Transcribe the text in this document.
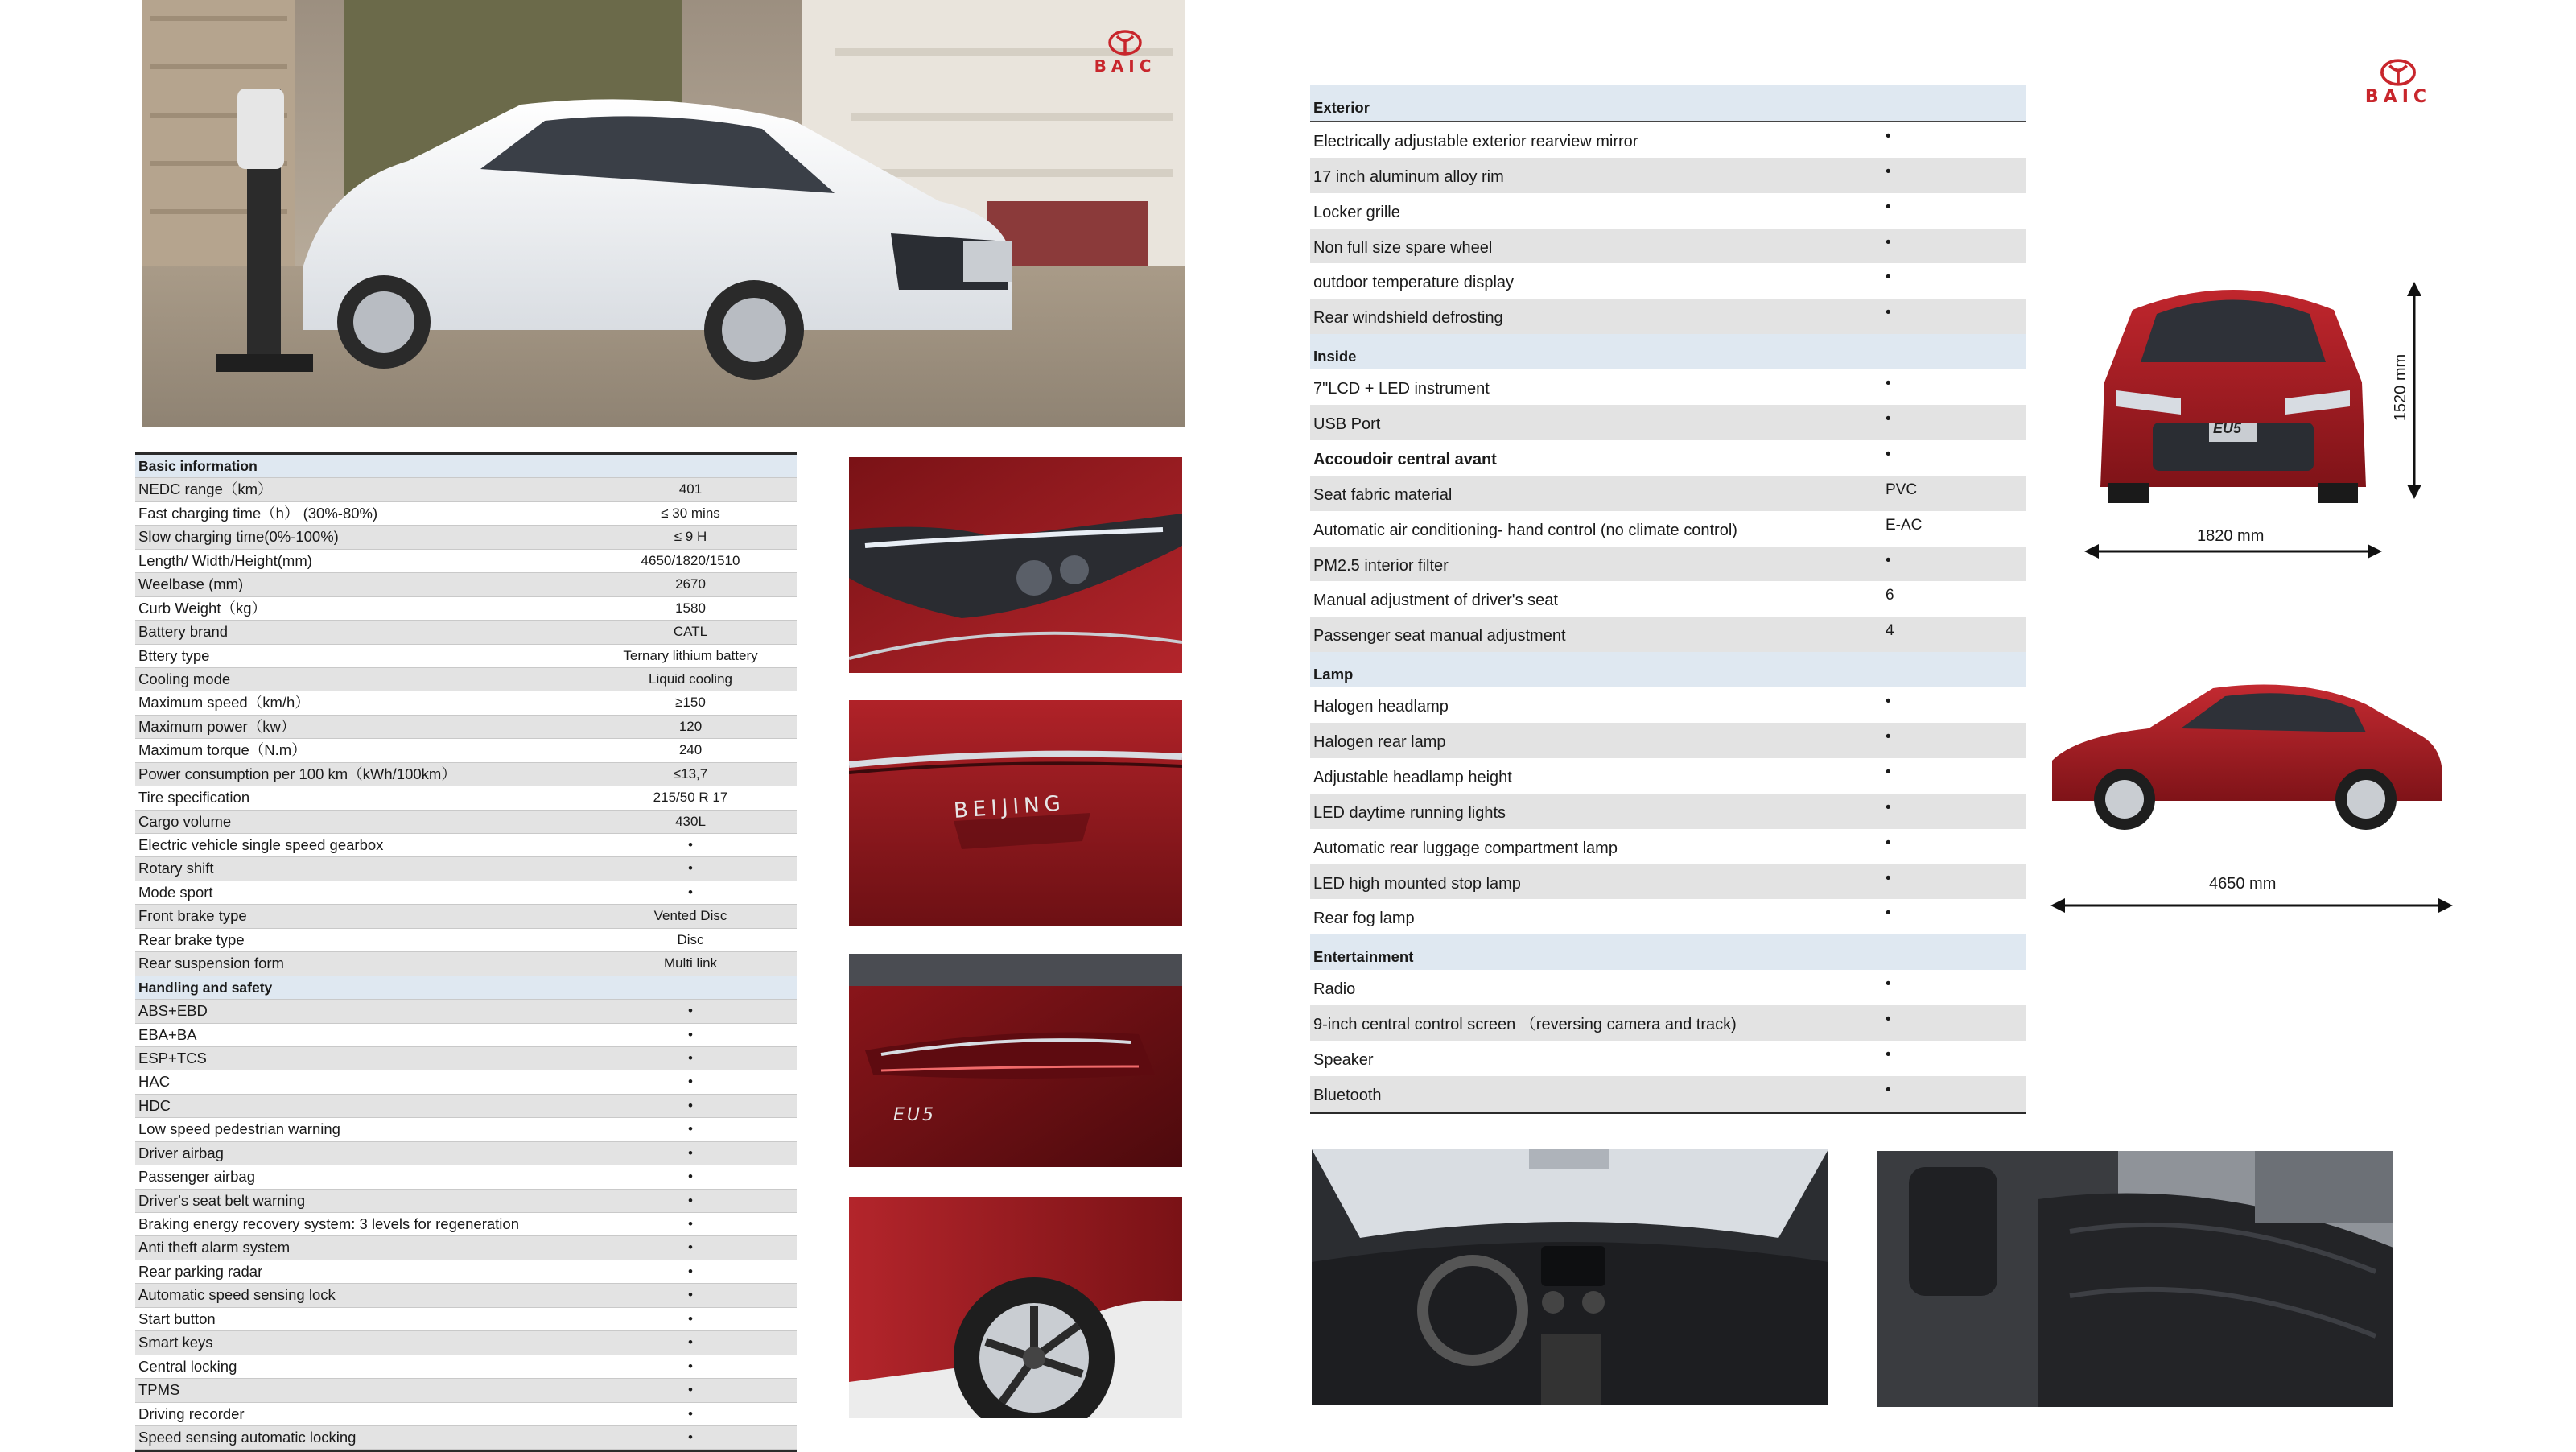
BAIC
Basic information
NEDC range（km）	401
Fast charging time（h） (30%-80%)	≤ 30 mins
Slow charging time(0%-100%)	≤ 9 H
Length/ Width/Height(mm)	4650/1820/1510
Weelbase (mm)	2670
Curb Weight（kg）	1580
Battery brand	CATL
Bttery type	Ternary lithium battery
Cooling mode	Liquid cooling
Maximum speed（km/h）	≥150
Maximum power（kw）	120
Maximum torque（N.m）	240
Power consumption per 100 km（kWh/100km）	≤13,7
Tire specification	215/50 R 17
Cargo volume	430L
Electric vehicle single speed gearbox	•
Rotary shift	•
Mode sport	•
Front brake type	Vented Disc
Rear brake type	Disc
Rear suspension form	Multi link
Handling and safety
ABS+EBD	•
EBA+BA	•
ESP+TCS	•
HAC	•
HDC	•
Low speed pedestrian warning	•
Driver airbag	•
Passenger airbag	•
Driver's seat belt warning	•
Braking energy recovery system: 3 levels for regeneration	•
Anti theft alarm system	•
Rear parking radar	•
Automatic speed sensing lock	•
Start button	•
Smart keys	•
Central locking	•
TPMS	•
Driving recorder	•
Speed sensing automatic locking	•
BEIJING
EU5
Exterior
Electrically adjustable exterior rearview mirror	•
17 inch aluminum alloy rim	•
Locker grille	•
Non full size spare wheel	•
outdoor temperature display	•
Rear windshield defrosting	•
Inside
7"LCD + LED instrument	•
USB Port	•
Accoudoir central avant	•
Seat fabric material	PVC
Automatic air conditioning- hand control (no climate control)	E-AC
PM2.5 interior filter	•
Manual adjustment of driver's seat	6
Passenger seat manual adjustment	4
Lamp
Halogen headlamp	•
Halogen rear lamp	•
Adjustable headlamp height	•
LED daytime running lights	•
Automatic rear luggage compartment lamp	•
LED high mounted stop lamp	•
Rear fog lamp	•
Entertainment
Radio	•
9-inch central control screen （reversing camera and track)	•
Speaker	•
Bluetooth	•
BAIC
EU5
1520 mm
1820 mm
4650 mm
